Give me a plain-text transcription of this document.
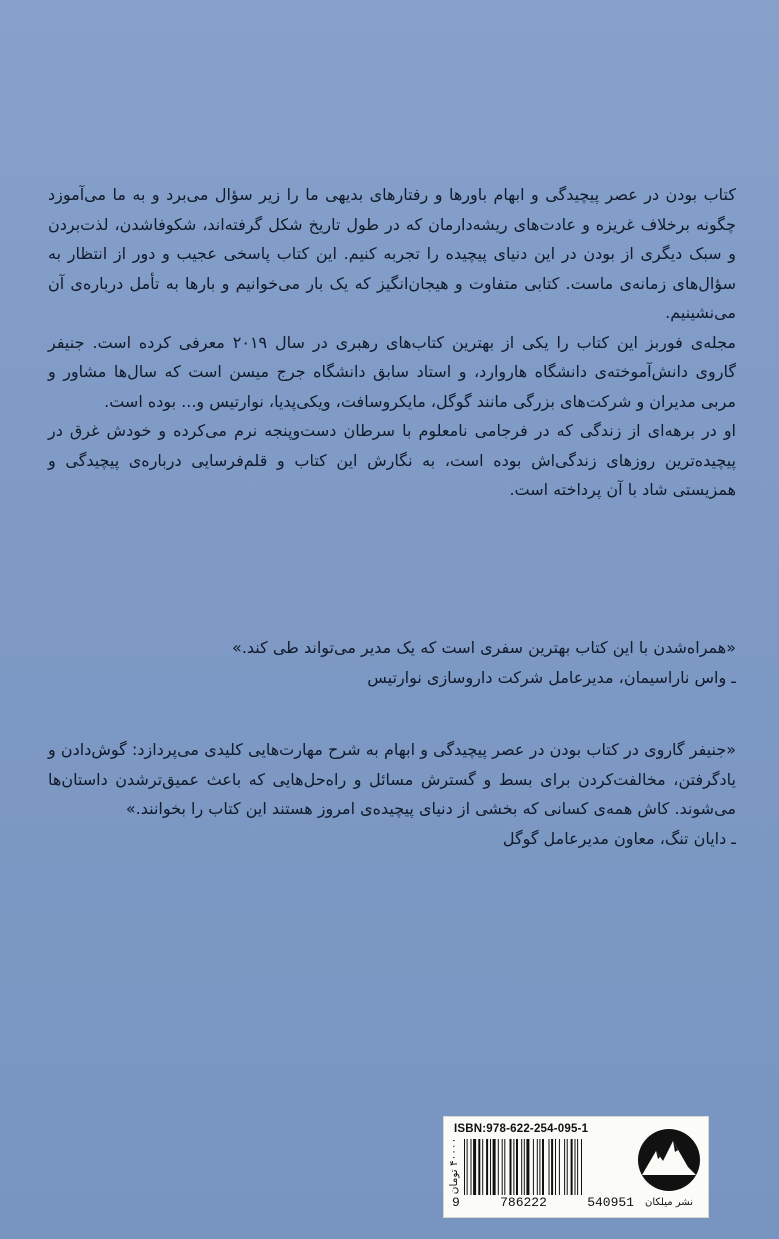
کتاب بودن در عصر پیچیدگی و ابهام باورها و رفتارهای بدیهی ما را زیر سؤال می‌برد و به ما می‌آموزد چگونه برخلاف غریزه و عادت‌های ریشه‌دارمان که در طول تاریخ شکل گرفته‌اند، شکوفاشدن، لذت‌بردن و سبک دیگری از بودن در این دنیای پیچیده را تجربه کنیم. این کتاب پاسخی عجیب و دور از انتظار به سؤال‌های زمانه‌ی ماست. کتابی متفاوت و هیجان‌انگیز که یک بار می‌خوانیم و بارها به تأمل درباره‌ی آن می‌نشینیم.

مجله‌ی فوربز این کتاب را یکی از بهترین کتاب‌های رهبری در سال ۲۰۱۹ معرفی کرده است. جنیفر گاروی دانش‌آموخته‌ی دانشگاه هاروارد، و استاد سابق دانشگاه جرج میسن است که سال‌ها مشاور و مربی مدیران و شرکت‌های بزرگی مانند گوگل، مایکروسافت، ویکی‌پدیا، نوارتیس و... بوده است.

او در برهه‌ای از زندگی که در فرجامی نامعلوم با سرطان دست‌وپنجه نرم می‌کرده و خودش غرق در پیچیده‌ترین روزهای زندگی‌اش بوده است، به نگارش این کتاب و قلم‌فرسایی درباره‌ی پیچیدگی و همزیستی شاد با آن پرداخته است.

«همراه‌شدن با این کتاب بهترین سفری است که یک مدیر می‌تواند طی کند.»

ـ واس ناراسیمان، مدیرعامل شرکت داروسازی نوارتیس

«جنیفر گاروی در کتاب بودن در عصر پیچیدگی و ابهام به شرح مهارت‌هایی کلیدی می‌پردازد: گوش‌دادن و یادگرفتن، مخالفت‌کردن برای بسط و گسترش مسائل و راه‌حل‌هایی که باعث عمیق‌ترشدن داستان‌ها می‌شوند. کاش همه‌ی کسانی که بخشی از دنیای پیچیده‌ی امروز هستند این کتاب را بخوانند.»

ـ دایان تنگ، معاون مدیرعامل گوگل
۴۰۰۰۰ تومان
ISBN:978-622-254-095-1
9	786222	540951	نشر میلکان
